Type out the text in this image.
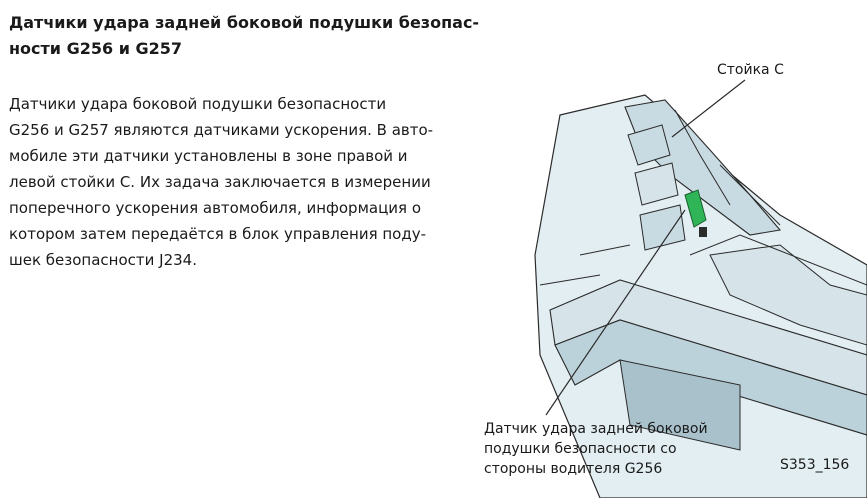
Датчики удара задней боковой подушки безопас-
ности G256 и G257

Датчики удара боковой подушки безопасности
G256 и G257 являются датчиками ускорения. В авто-
мобиле эти датчики установлены в зоне правой и
левой стойки C. Их задача заключается в измерении
поперечного ускорения автомобиля, информация о
котором затем передаётся в блок управления поду-
шек безопасности J234.

Стойка C
Датчик удара задней боковой
подушки безопасности со
стороны водителя G256	S353_156
